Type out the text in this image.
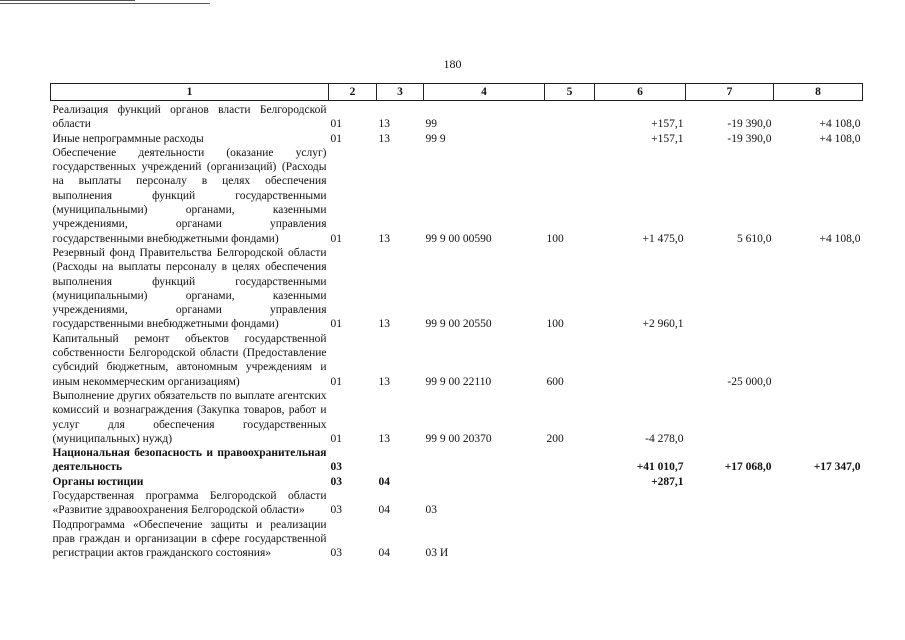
180
1	2	3	4	5	6	7	8

Реализация функций органов власти Белгородской области	01	13	99		+157,1	-19 390,0	+4 108,0
Иные непрограммные расходы	01	13	99 9		+157,1	-19 390,0	+4 108,0
Обеспечение деятельности (оказание услуг) государственных учреждений (организаций) (Расходы на выплаты персоналу в целях обеспечения выполнения функций государственными (муниципальными) органами, казенными учреждениями, органами управления государственными внебюджетными фондами)	01	13	99 9 00 00590	100	+1 475,0	5 610,0	+4 108,0
Резервный фонд Правительства Белгородской области (Расходы на выплаты персоналу в целях обеспечения выполнения функций государственными (муниципальными) органами, казенными учреждениями, органами управления государственными внебюджетными фондами)	01	13	99 9 00 20550	100	+2 960,1		
Капитальный ремонт объектов государственной собственности Белгородской области (Предоставление субсидий бюджетным, автономным учреждениям и иным некоммерческим организациям)	01	13	99 9 00 22110	600		-25 000,0	
Выполнение других обязательств по выплате агентских комиссий и вознаграждения (Закупка товаров, работ и услуг для обеспечения государственных (муниципальных) нужд)	01	13	99 9 00 20370	200	-4 278,0		
Национальная безопасность и правоохранительная деятельность	03				+41 010,7	+17 068,0	+17 347,0
Органы юстиции	03	04			+287,1		
Государственная программа Белгородской области «Развитие здравоохранения Белгородской области»	03	04	03				
Подпрограмма «Обеспечение защиты и реализации прав граждан и организации в сфере государственной регистрации актов гражданского состояния»	03	04	03 И				
